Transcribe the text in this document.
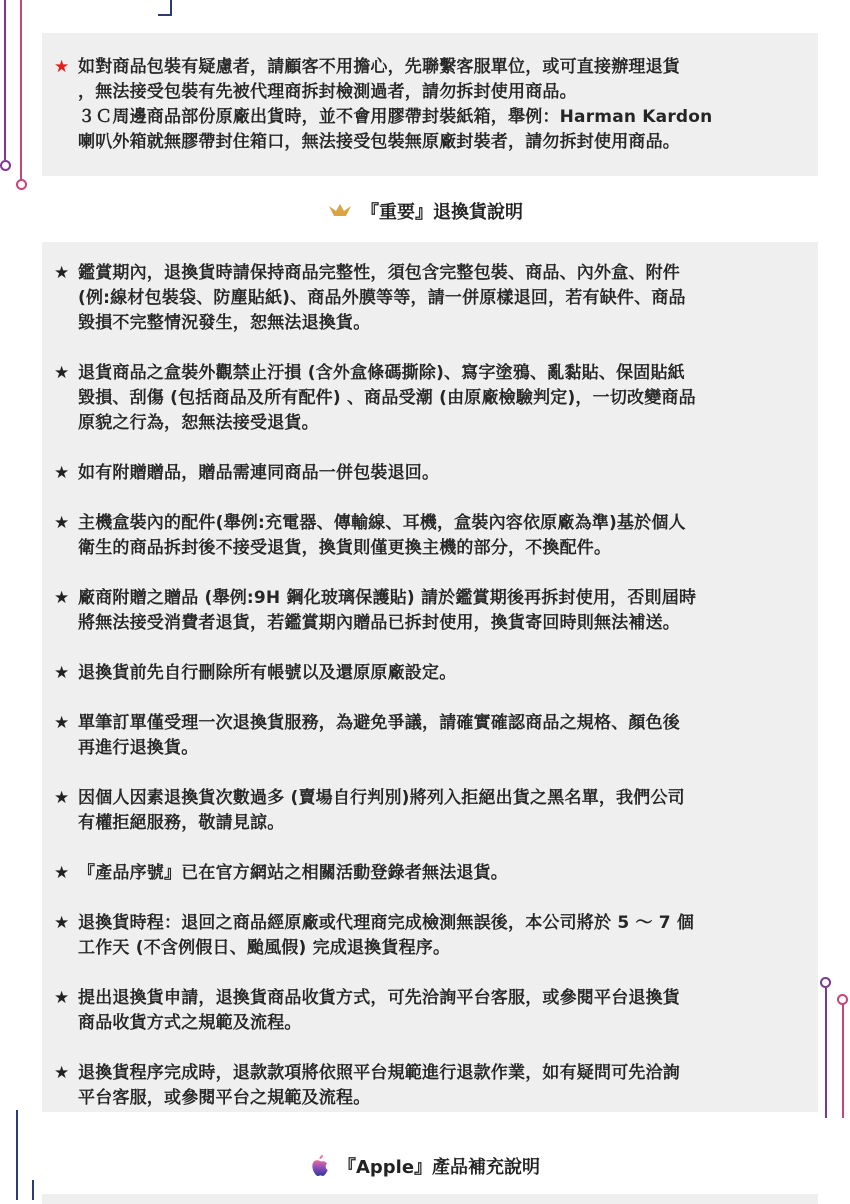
★ 如對商品包裝有疑慮者，請顧客不用擔心，先聯繫客服單位，或可直接辦理退貨
，無法接受包裝有先被代理商拆封檢測過者，請勿拆封使用商品。
３Ｃ周邊商品部份原廠出貨時，並不會用膠帶封裝紙箱，舉例：Harman Kardon
喇叭外箱就無膠帶封住箱口，無法接受包裝無原廠封裝者，請勿拆封使用商品。
『重要』退換貨說明
★ 鑑賞期內，退換貨時請保持商品完整性，須包含完整包裝、商品、內外盒、附件
(例:線材包裝袋、防塵貼紙)、商品外膜等等，請一併原樣退回，若有缺件、商品
毀損不完整情況發生，恕無法退換貨。
★ 退貨商品之盒裝外觀禁止汙損 (含外盒條碼撕除)、寫字塗鴉、亂黏貼、保固貼紙
毀損、刮傷 (包括商品及所有配件) 、商品受潮 (由原廠檢驗判定)，一切改變商品
原貌之行為，恕無法接受退貨。
★ 如有附贈贈品，贈品需連同商品一併包裝退回。
★ 主機盒裝內的配件(舉例:充電器、傳輸線、耳機，盒裝內容依原廠為準)基於個人
衛生的商品拆封後不接受退貨，換貨則僅更換主機的部分，不換配件。
★ 廠商附贈之贈品 (舉例:9H 鋼化玻璃保護貼) 請於鑑賞期後再拆封使用，否則屆時
將無法接受消費者退貨，若鑑賞期內贈品已拆封使用，換貨寄回時則無法補送。
★ 退換貨前先自行刪除所有帳號以及還原原廠設定。
★ 單筆訂單僅受理一次退換貨服務，為避免爭議，請確實確認商品之規格、顏色後
再進行退換貨。
★ 因個人因素退換貨次數過多 (賣場自行判別)將列入拒絕出貨之黑名單，我們公司
有權拒絕服務，敬請見諒。
★ 『產品序號』已在官方網站之相關活動登錄者無法退貨。
★ 退換貨時程：退回之商品經原廠或代理商完成檢測無誤後，本公司將於 5 ～ 7 個
工作天 (不含例假日、颱風假) 完成退換貨程序。
★ 提出退換貨申請，退換貨商品收貨方式，可先洽詢平台客服，或參閱平台退換貨
商品收貨方式之規範及流程。
★ 退換貨程序完成時，退款款項將依照平台規範進行退款作業，如有疑問可先洽詢
平台客服，或參閱平台之規範及流程。
『Apple』產品補充說明
